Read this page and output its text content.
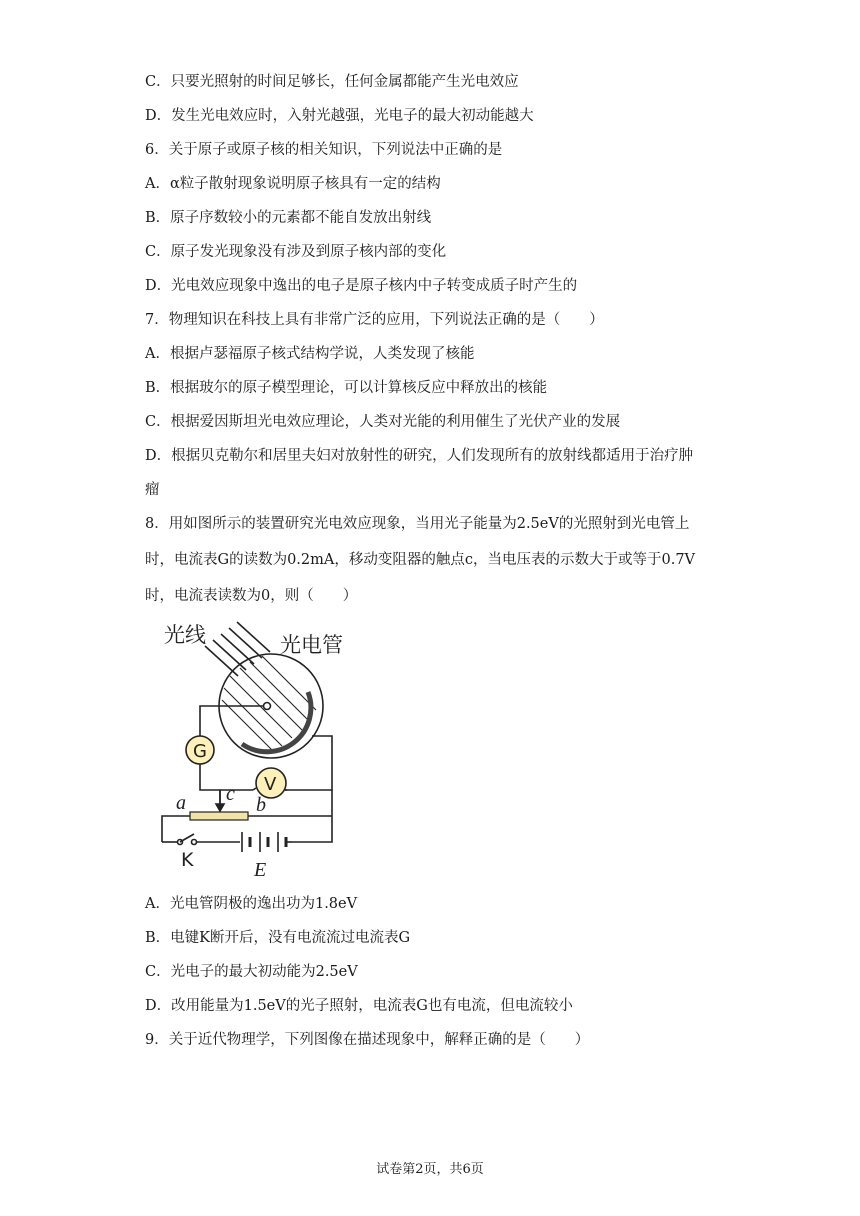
C．只要光照射的时间足够长，任何金属都能产生光电效应
D．发生光电效应时，入射光越强，光电子的最大初动能越大
6．关于原子或原子核的相关知识，下列说法中正确的是
A．α粒子散射现象说明原子核具有一定的结构
B．原子序数较小的元素都不能自发放出射线
C．原子发光现象没有涉及到原子核内部的变化
D．光电效应现象中逸出的电子是原子核内中子转变成质子时产生的
7．物理知识在科技上具有非常广泛的应用，下列说法正确的是（　　）
A．根据卢瑟福原子核式结构学说，人类发现了核能
B．根据玻尔的原子模型理论，可以计算核反应中释放出的核能
C．根据爱因斯坦光电效应理论，人类对光能的利用催生了光伏产业的发展
D．根据贝克勒尔和居里夫妇对放射性的研究，人们发现所有的放射线都适用于治疗肿
瘤
8．用如图所示的装置研究光电效应现象，当用光子能量为2.5eV的光照射到光电管上
时，电流表G的读数为0.2mA，移动变阻器的触点c，当电压表的示数大于或等于0.7V
时，电流表读数为0，则（　　）
光线	光电管
G
V
a c b
K	E
A．光电管阴极的逸出功为1.8eV
B．电键K断开后，没有电流流过电流表G
C．光电子的最大初动能为2.5eV
D．改用能量为1.5eV的光子照射，电流表G也有电流，但电流较小
9．关于近代物理学，下列图像在描述现象中，解释正确的是（　　）
试卷第2页，共6页
